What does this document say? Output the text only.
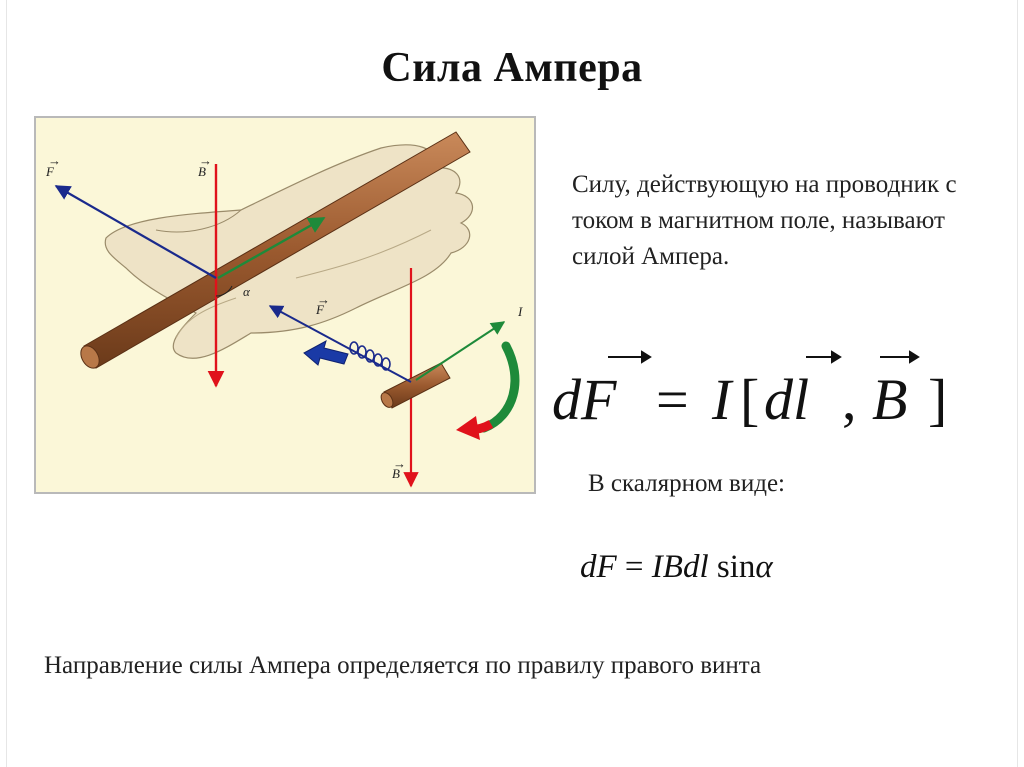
Сила Ампера
F
→
B
→
α
F
→
I
B
→
Силу, действующую на проводник с током в магнитном поле, называют силой Ампера.
dF = I [ dl , B ]
В скалярном виде:
dF = IBdl sinα
Направление силы Ампера определяется по правилу правого винта
